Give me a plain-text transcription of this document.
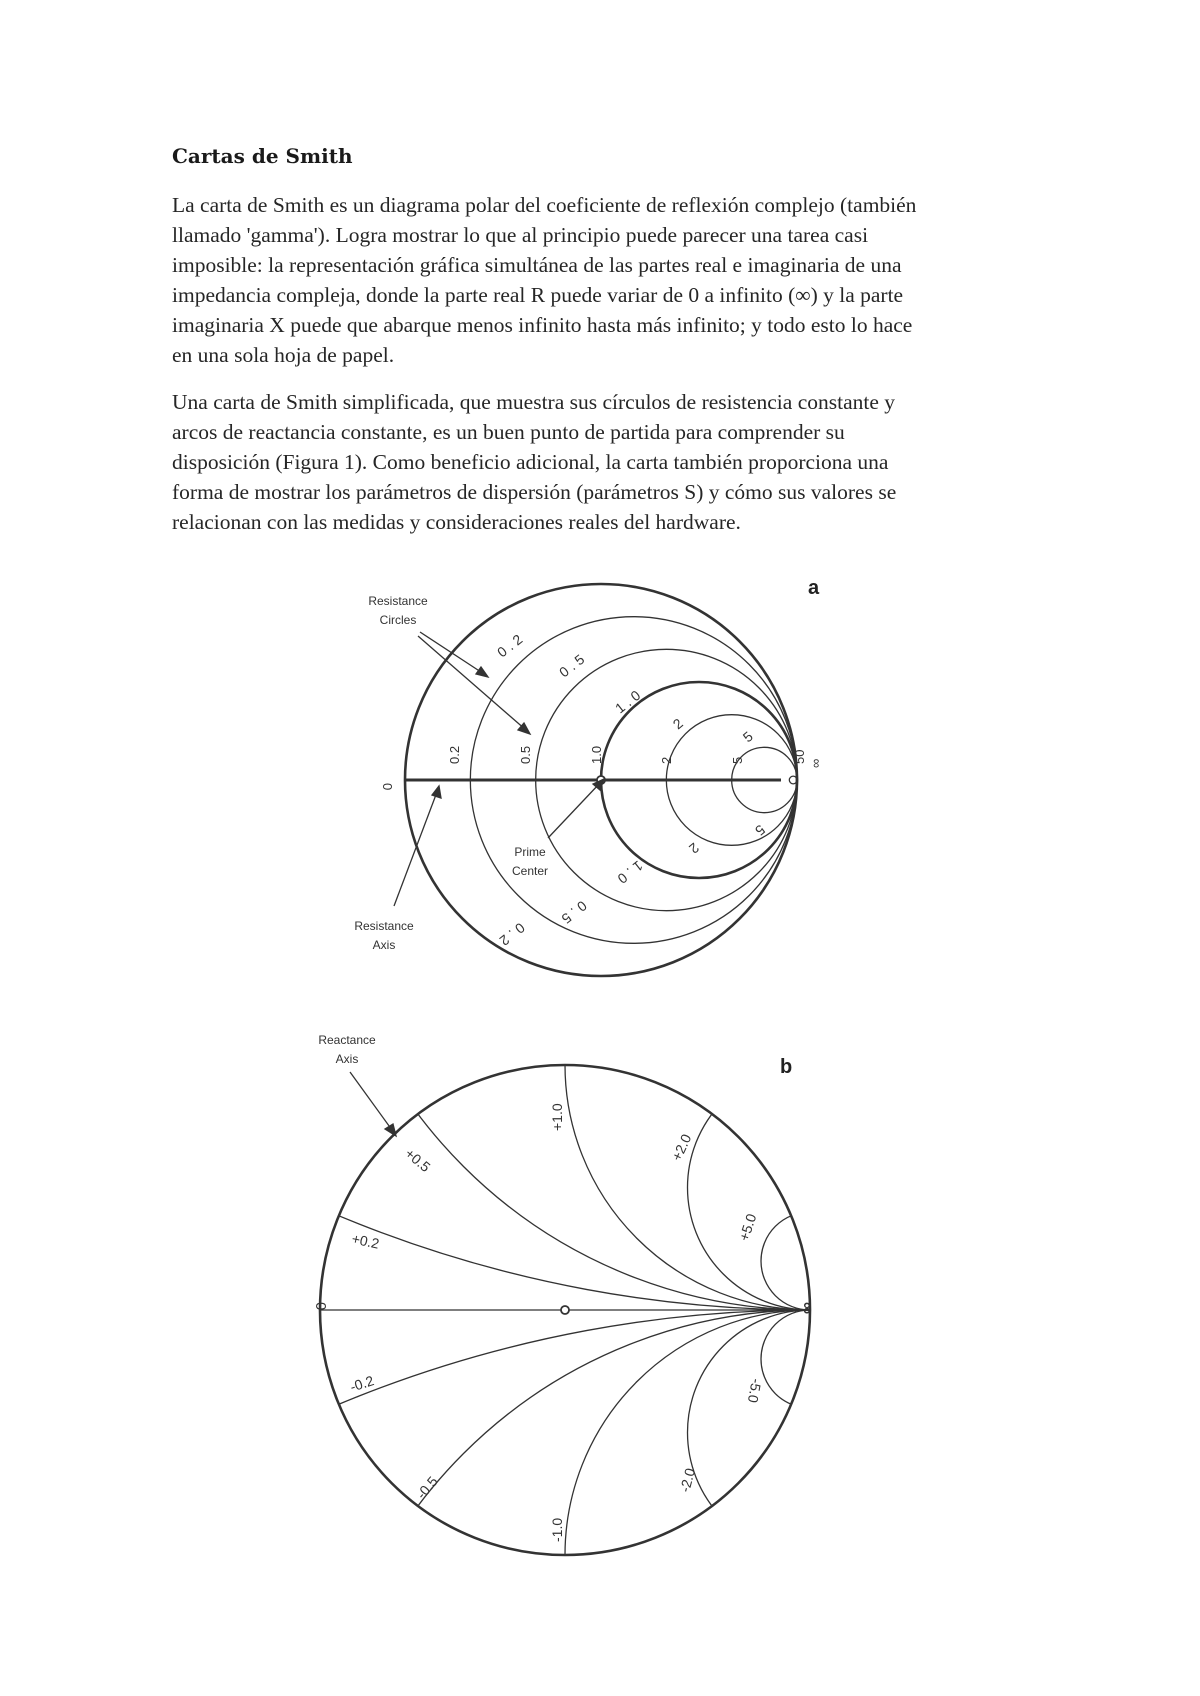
Cartas de Smith

La carta de Smith es un diagrama polar del coeficiente de reflexión complejo (también
llamado 'gamma'). Logra mostrar lo que al principio puede parecer una tarea casi
imposible: la representación gráfica simultánea de las partes real e imaginaria de una
impedancia compleja, donde la parte real R puede variar de 0 a infinito (∞) y la parte
imaginaria X puede que abarque menos infinito hasta más infinito; y todo esto lo hace
en una sola hoja de papel.

Una carta de Smith simplificada, que muestra sus círculos de resistencia constante y
arcos de reactancia constante, es un buen punto de partida para comprender su
disposición (Figura 1). Como beneficio adicional, la carta también proporciona una
forma de mostrar los parámetros de dispersión (parámetros S) y cómo sus valores se
relacionan con las medidas y consideraciones reales del hardware.

a
0
0.2	0.5	1.0	2	5	50 ∞
0 . 2
0 . 5
1 . 0
2
5
0 . 2
0 . 5
1 . 0
2
5
Resistance
Circles
Prime
Center
Resistance
Axis
b
0	∞
+0.2
+0.5
+1.0
+2.0
+5.0
-0.2
-0.5
-1.0
-2.0
-5.0
Reactance
Axis
